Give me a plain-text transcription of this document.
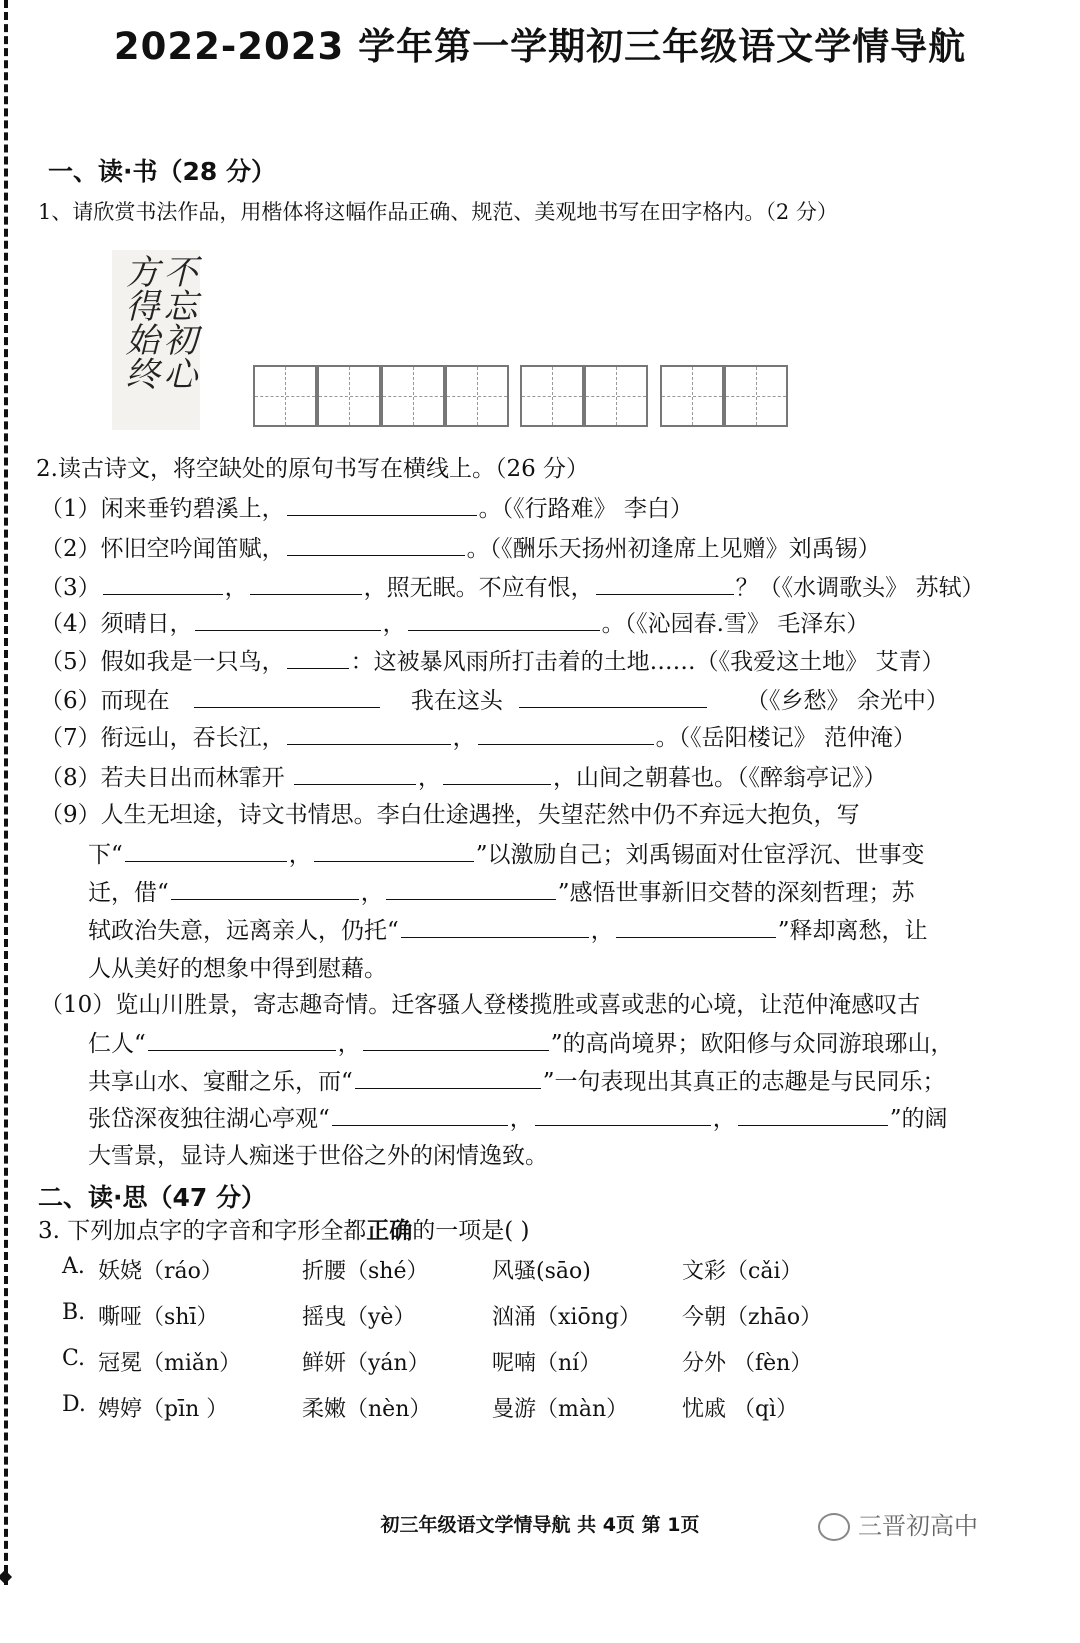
2022-2023 学年第一学期初三年级语文学情导航
一、读·书（28 分）
1、请欣赏书法作品，用楷体将这幅作品正确、规范、美观地书写在田字格内。（2 分）
不忘初心
方得始终
2.读古诗文，将空缺处的原句书写在横线上。（26 分）
（1）闲来垂钓碧溪上，	。（《行路难》 李白）
（2）怀旧空吟闻笛赋，	。（《酬乐天扬州初逢席上见赠》刘禹锡）
（3）	，	，照无眠。不应有恨，	？（《水调歌头》 苏轼）
（4）须晴日，	，	。（《沁园春.雪》 毛泽东）
（5）假如我是一只鸟，	：这被暴风雨所打击着的土地……（《我爱这土地》 艾青）
（6）而现在	我在这头	（《乡愁》 余光中）
（7）衔远山，吞长江，	，	。（《岳阳楼记》 范仲淹）
（8）若夫日出而林霏开	，	，山间之朝暮也。（《醉翁亭记》）
（9）人生无坦途，诗文书情思。李白仕途遇挫，失望茫然中仍不弃远大抱负，写
下“	，	”以激励自己；刘禹锡面对仕宦浮沉、世事变
迁，借“	，	”感悟世事新旧交替的深刻哲理；苏
轼政治失意，远离亲人，仍托“	，	”释却离愁，让
人从美好的想象中得到慰藉。
（10）览山川胜景，寄志趣奇情。迁客骚人登楼揽胜或喜或悲的心境，让范仲淹感叹古
仁人“	，	”的高尚境界；欧阳修与众同游琅琊山，
共享山水、宴酣之乐，而“	”一句表现出其真正的志趣是与民同乐；
张岱深夜独往湖心亭观“	，	，	”的阔
大雪景，显诗人痴迷于世俗之外的闲情逸致。
二、读·思（47 分）
3. 下列加点字的字音和字形全都正确的一项是( )
A. 妖娆（ráo）	折腰（shé）	风骚(sāo)	文彩（cǎi）
B. 嘶哑（shī）	摇曳（yè）	汹涌（xiōng） 今朝（zhāo）
C. 冠冕（miǎn）	鲜妍（yán）	呢喃（ní）	分外 （fèn）
D. 娉婷（pīn ）	柔嫩（nèn）	曼游（màn） 忧戚 （qì）
初三年级语文学情导航 共 4页 第 1页	三晋初高中
